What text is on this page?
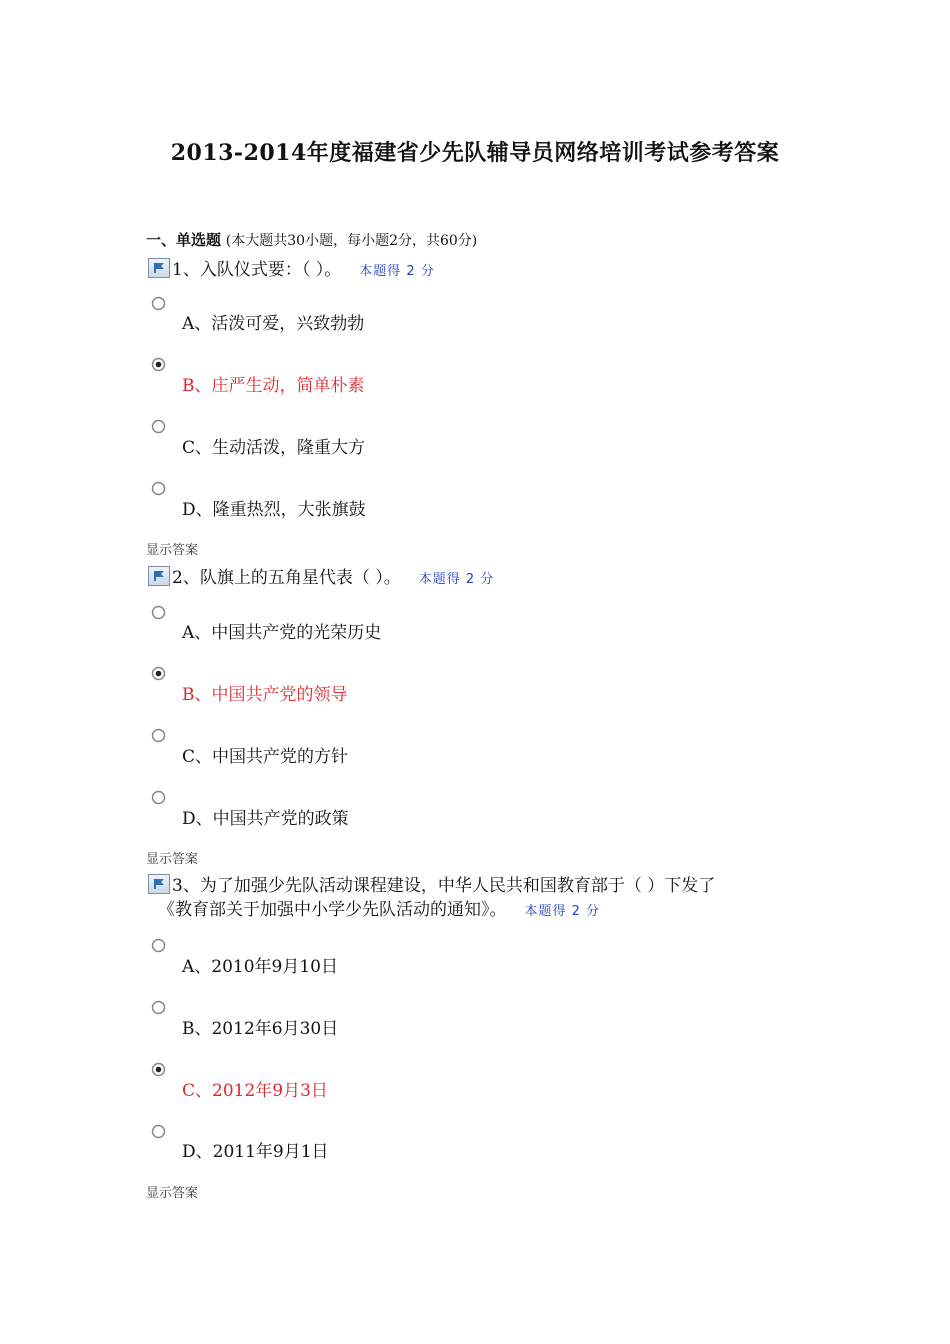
2013-2014年度福建省少先队辅导员网络培训考试参考答案
一、单选题 (本大题共30小题，每小题2分，共60分)
1、入队仪式要：（ ）。 本题得 2 分
A、活泼可爱，兴致勃勃
B、庄严生动，简单朴素
C、生动活泼，隆重大方
D、隆重热烈，大张旗鼓
显示答案
2、队旗上的五角星代表（ ）。 本题得 2 分
A、中国共产党的光荣历史
B、中国共产党的领导
C、中国共产党的方针
D、中国共产党的政策
显示答案
3、为了加强少先队活动课程建设，中华人民共和国教育部于（ ）下发了
《教育部关于加强中小学少先队活动的通知》。 本题得 2 分
A、2010年9月10日
B、2012年6月30日
C、2012年9月3日
D、2011年9月1日
显示答案
